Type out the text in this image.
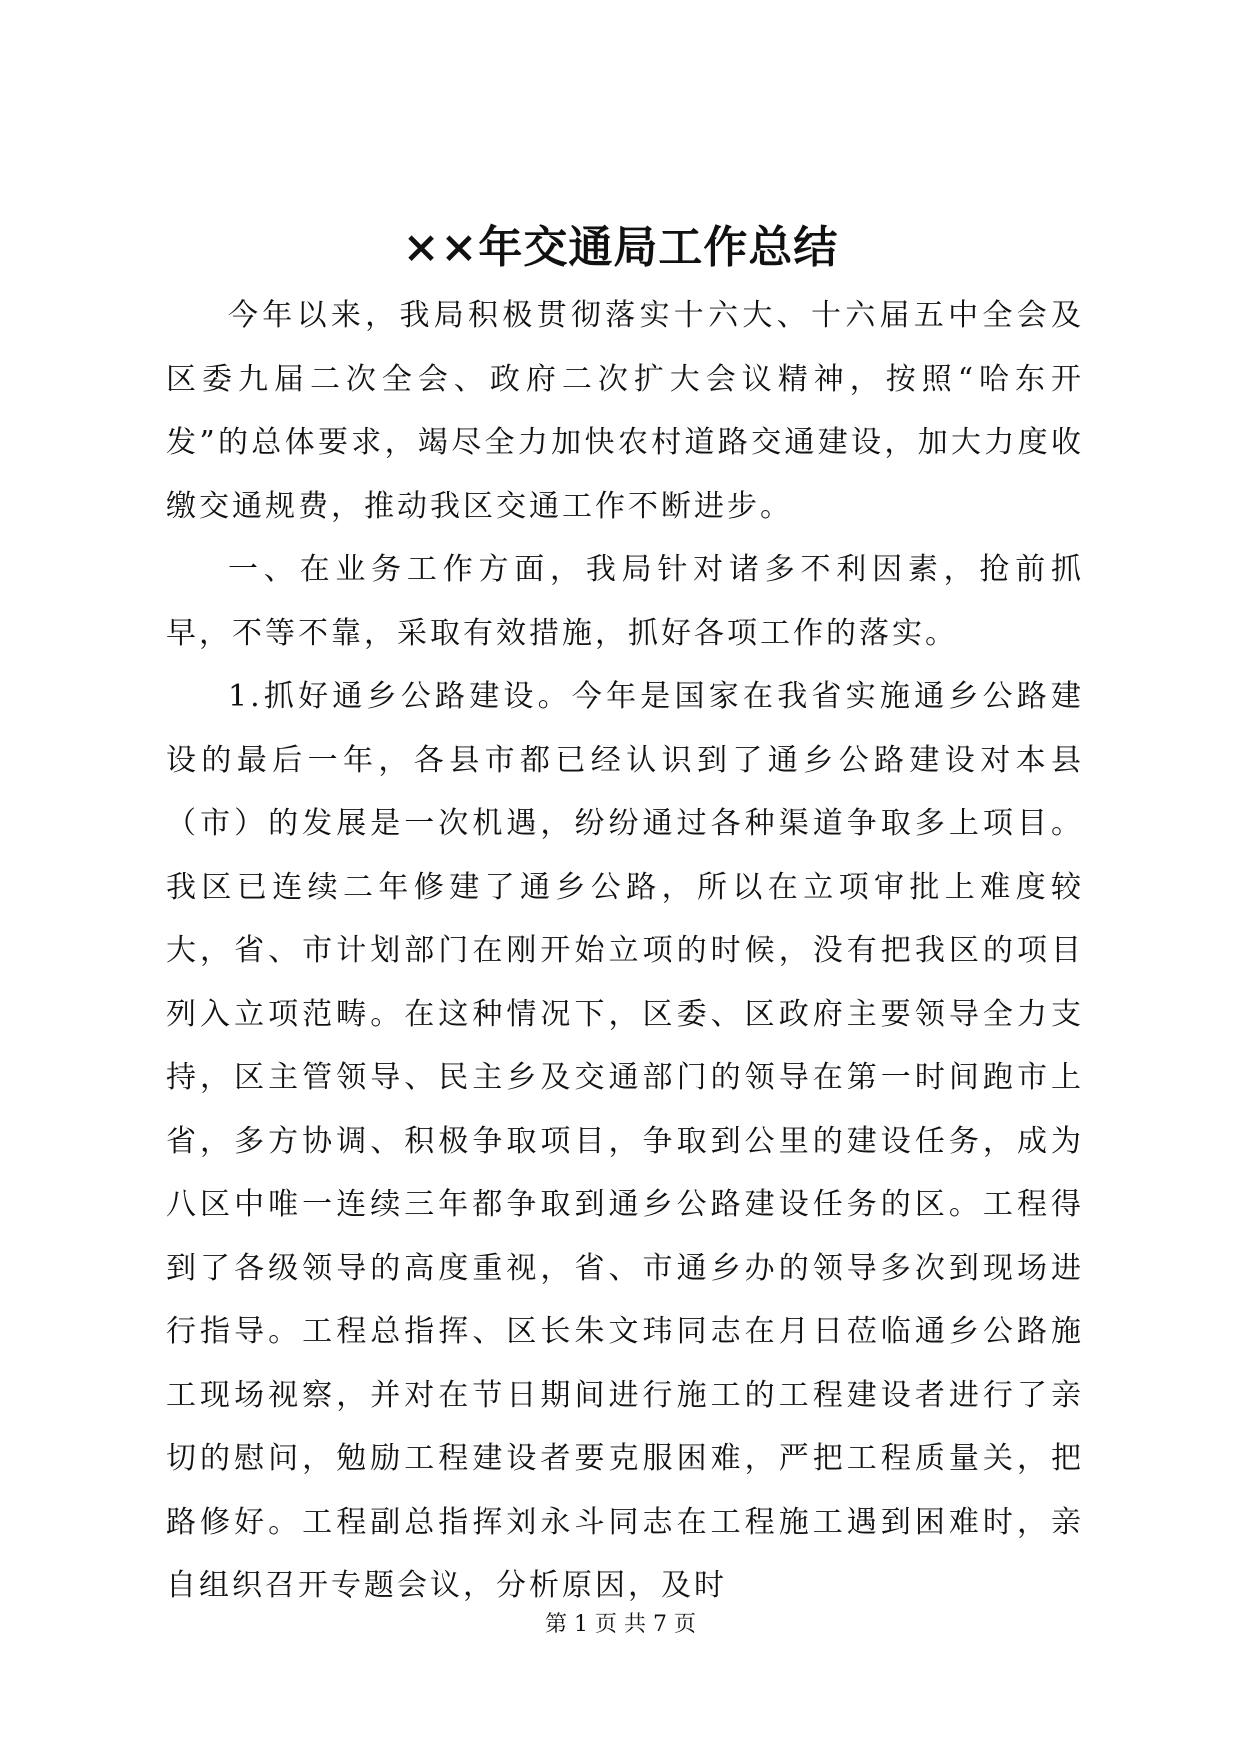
××年交通局工作总结

今年以来，我局积极贯彻落实十六大、十六届五中全会及区委九届二次全会、政府二次扩大会议精神，按照“哈东开发”的总体要求，竭尽全力加快农村道路交通建设，加大力度收缴交通规费，推动我区交通工作不断进步。

一、在业务工作方面，我局针对诸多不利因素，抢前抓早，不等不靠，采取有效措施，抓好各项工作的落实。

1.抓好通乡公路建设。今年是国家在我省实施通乡公路建设的最后一年，各县市都已经认识到了通乡公路建设对本县（市）的发展是一次机遇，纷纷通过各种渠道争取多上项目。我区已连续二年修建了通乡公路，所以在立项审批上难度较大，省、市计划部门在刚开始立项的时候，没有把我区的项目列入立项范畴。在这种情况下，区委、区政府主要领导全力支持，区主管领导、民主乡及交通部门的领导在第一时间跑市上省，多方协调、积极争取项目，争取到公里的建设任务，成为八区中唯一连续三年都争取到通乡公路建设任务的区。工程得到了各级领导的高度重视，省、市通乡办的领导多次到现场进行指导。工程总指挥、区长朱文玮同志在月日莅临通乡公路施工现场视察，并对在节日期间进行施工的工程建设者进行了亲切的慰问，勉励工程建设者要克服困难，严把工程质量关，把路修好。工程副总指挥刘永斗同志在工程施工遇到困难时，亲自组织召开专题会议，分析原因，及时

第 1 页 共 7 页
